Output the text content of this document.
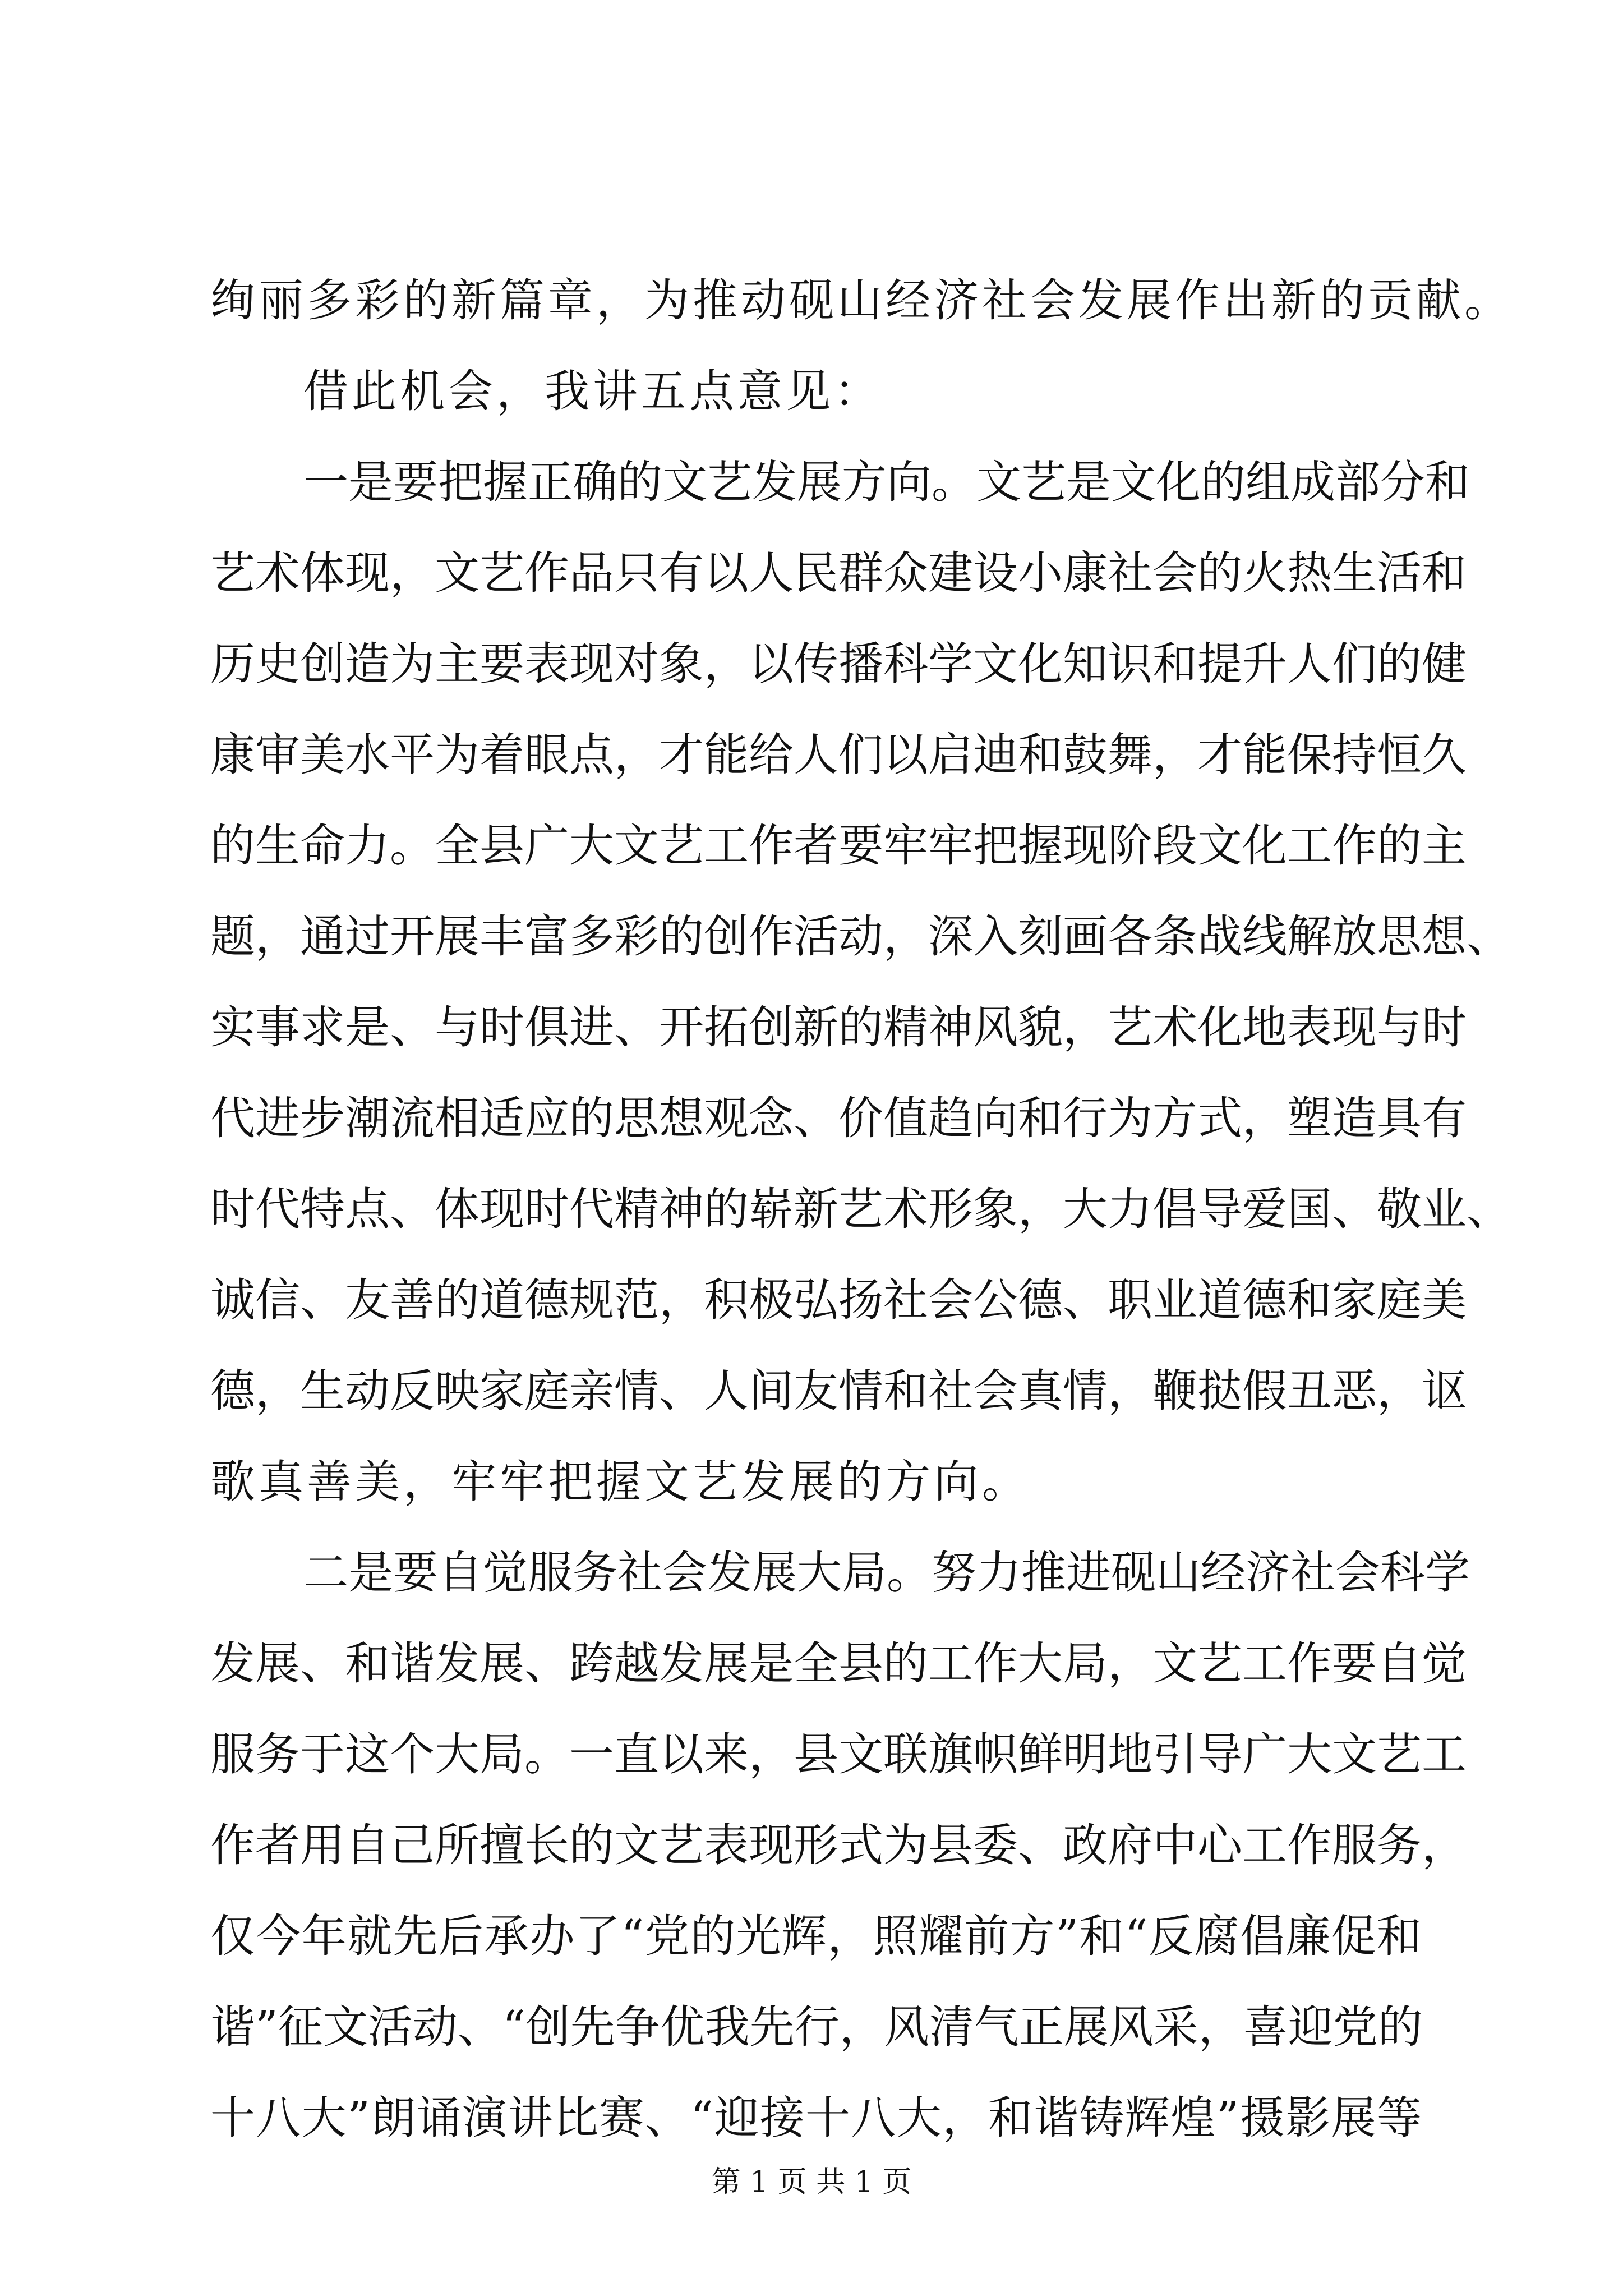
绚丽多彩的新篇章，为推动砚山经济社会发展作出新的贡献。
借此机会，我讲五点意见：
一是要把握正确的文艺发展方向。文艺是文化的组成部分和
艺术体现，文艺作品只有以人民群众建设小康社会的火热生活和
历史创造为主要表现对象，以传播科学文化知识和提升人们的健
康审美水平为着眼点，才能给人们以启迪和鼓舞，才能保持恒久
的生命力。全县广大文艺工作者要牢牢把握现阶段文化工作的主
题，通过开展丰富多彩的创作活动，深入刻画各条战线解放思想、
实事求是、与时俱进、开拓创新的精神风貌，艺术化地表现与时
代进步潮流相适应的思想观念、价值趋向和行为方式，塑造具有
时代特点、体现时代精神的崭新艺术形象，大力倡导爱国、敬业、
诚信、友善的道德规范，积极弘扬社会公德、职业道德和家庭美
德，生动反映家庭亲情、人间友情和社会真情，鞭挞假丑恶，讴
歌真善美，牢牢把握文艺发展的方向。
二是要自觉服务社会发展大局。努力推进砚山经济社会科学
发展、和谐发展、跨越发展是全县的工作大局，文艺工作要自觉
服务于这个大局。一直以来，县文联旗帜鲜明地引导广大文艺工
作者用自己所擅长的文艺表现形式为县委、政府中心工作服务，
仅今年就先后承办了“党的光辉，照耀前方”和“反腐倡廉促和
谐”征文活动、“创先争优我先行，风清气正展风采，喜迎党的
十八大”朗诵演讲比赛、“迎接十八大，和谐铸辉煌”摄影展等
第 1 页 共 1 页
